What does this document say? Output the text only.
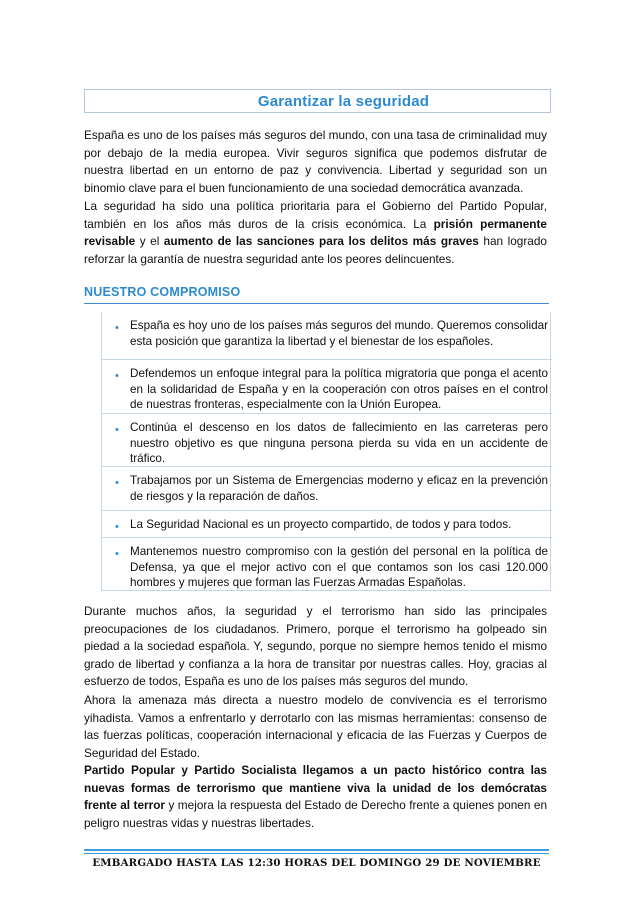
Garantizar la seguridad

España es uno de los países más seguros del mundo, con una tasa de criminalidad muy por debajo de la media europea. Vivir seguros significa que podemos disfrutar de nuestra libertad en un entorno de paz y convivencia. Libertad y seguridad son un binomio clave para el buen funcionamiento de una sociedad democrática avanzada.

La seguridad ha sido una política prioritaria para el Gobierno del Partido Popular, también en los años más duros de la crisis económica. La prisión permanente revisable y el aumento de las sanciones para los delitos más graves han logrado reforzar la garantía de nuestra seguridad ante los peores delincuentes.

NUESTRO COMPROMISO
• España es hoy uno de los países más seguros del mundo. Queremos consolidar esta posición que garantiza la libertad y el bienestar de los españoles.
• Defendemos un enfoque integral para la política migratoria que ponga el acento en la solidaridad de España y en la cooperación con otros países en el control de nuestras fronteras, especialmente con la Unión Europea.
• Continúa el descenso en los datos de fallecimiento en las carreteras pero nuestro objetivo es que ninguna persona pierda su vida en un accidente de tráfico.
• Trabajamos por un Sistema de Emergencias moderno y eficaz en la prevención de riesgos y la reparación de daños.
• La Seguridad Nacional es un proyecto compartido, de todos y para todos.
• Mantenemos nuestro compromiso con la gestión del personal en la política de Defensa, ya que el mejor activo con el que contamos son los casi 120.000 hombres y mujeres que forman las Fuerzas Armadas Españolas.

Durante muchos años, la seguridad y el terrorismo han sido las principales preocupaciones de los ciudadanos. Primero, porque el terrorismo ha golpeado sin piedad a la sociedad española. Y, segundo, porque no siempre hemos tenido el mismo grado de libertad y confianza a la hora de transitar por nuestras calles. Hoy, gracias al esfuerzo de todos, España es uno de los países más seguros del mundo.

Ahora la amenaza más directa a nuestro modelo de convivencia es el terrorismo yihadista. Vamos a enfrentarlo y derrotarlo con las mismas herramientas: consenso de las fuerzas políticas, cooperación internacional y eficacia de las Fuerzas y Cuerpos de Seguridad del Estado.

Partido Popular y Partido Socialista llegamos a un pacto histórico contra las nuevas formas de terrorismo que mantiene viva la unidad de los demócratas frente al terror y mejora la respuesta del Estado de Derecho frente a quienes ponen en peligro nuestras vidas y nuestras libertades.

EMBARGADO HASTA LAS 12:30 HORAS DEL DOMINGO 29 DE NOVIEMBRE
